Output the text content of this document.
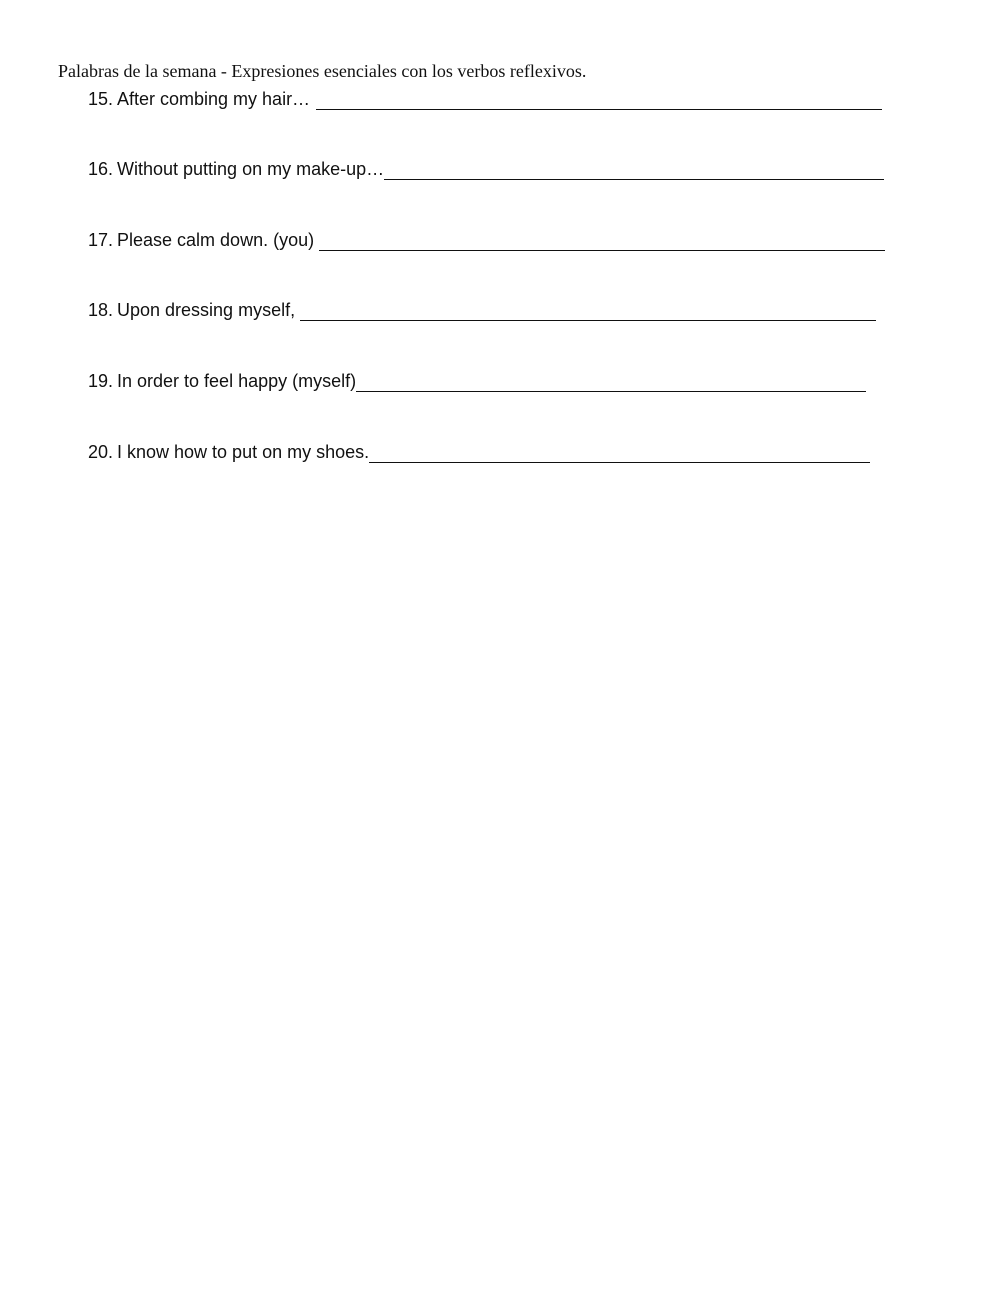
Palabras de la semana - Expresiones esenciales con los verbos reflexivos.
15. After combing my hair…
16. Without putting on my make-up…
17. Please calm down. (you)
18. Upon dressing myself,
19. In order to feel happy (myself)
20. I know how to put on my shoes.
